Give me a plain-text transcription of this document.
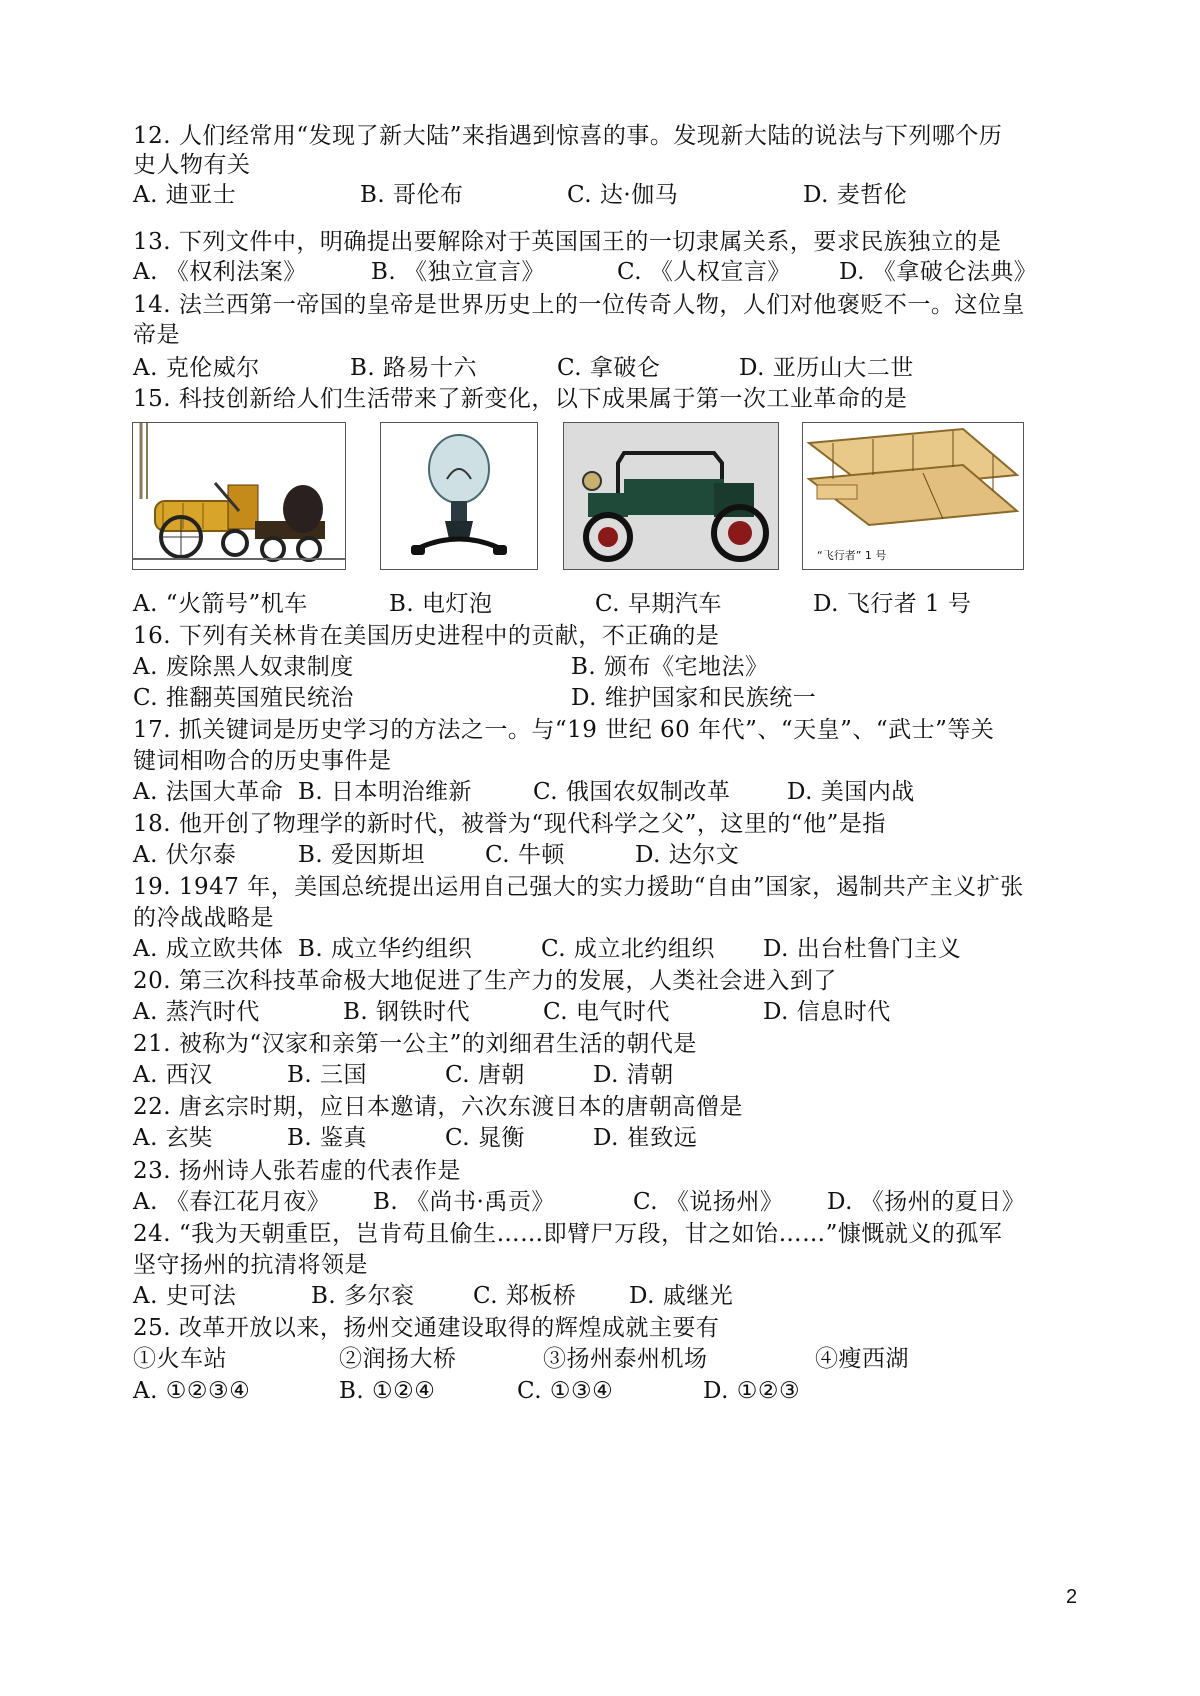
12. 人们经常用“发现了新大陆”来指遇到惊喜的事。发现新大陆的说法与下列哪个历
史人物有关
A. 迪亚士	B. 哥伦布	C. 达·伽马	D. 麦哲伦
13. 下列文件中，明确提出要解除对于英国国王的一切隶属关系，要求民族独立的是
A. 《权利法案》	B. 《独立宣言》	C. 《人权宣言》 D. 《拿破仑法典》
14. 法兰西第一帝国的皇帝是世界历史上的一位传奇人物，人们对他褒贬不一。这位皇
帝是
A. 克伦威尔	B. 路易十六	C. 拿破仑	D. 亚历山大二世
15. 科技创新给人们生活带来了新变化，以下成果属于第一次工业革命的是
“飞行者” 1 号
A. “火箭号”机车	B. 电灯泡	C. 早期汽车	D. 飞行者 1 号
16. 下列有关林肯在美国历史进程中的贡献，不正确的是
A. 废除黑人奴隶制度	B. 颁布《宅地法》
C. 推翻英国殖民统治	D. 维护国家和民族统一
17. 抓关键词是历史学习的方法之一。与“19 世纪 60 年代”、“天皇”、“武士”等关
键词相吻合的历史事件是
A. 法国大革命 B. 日本明治维新	C. 俄国农奴制改革 D. 美国内战
18. 他开创了物理学的新时代，被誉为“现代科学之父”，这里的“他”是指
A. 伏尔泰	B. 爱因斯坦	C. 牛顿	D. 达尔文
19. 1947 年，美国总统提出运用自己强大的实力援助“自由”国家，遏制共产主义扩张
的冷战战略是
A. 成立欧共体 B. 成立华约组织	C. 成立北约组织 D. 出台杜鲁门主义
20. 第三次科技革命极大地促进了生产力的发展，人类社会进入到了
A. 蒸汽时代	B. 钢铁时代	C. 电气时代	D. 信息时代
21. 被称为“汉家和亲第一公主”的刘细君生活的朝代是
A. 西汉	B. 三国	C. 唐朝	D. 清朝
22. 唐玄宗时期，应日本邀请，六次东渡日本的唐朝高僧是
A. 玄奘	B. 鉴真	C. 晁衡	D. 崔致远
23. 扬州诗人张若虚的代表作是
A. 《春江花月夜》 B. 《尚书·禹贡》	C. 《说扬州》 D. 《扬州的夏日》
24. “我为天朝重臣，岂肯苟且偷生……即臂尸万段，甘之如饴……”慷慨就义的孤军
坚守扬州的抗清将领是
A. 史可法	B. 多尔衮	C. 郑板桥 D. 戚继光
25. 改革开放以来，扬州交通建设取得的辉煌成就主要有
①火车站	②润扬大桥	③扬州泰州机场	④瘦西湖
A. ①②③④	B. ①②④	C. ①③④	D. ①②③
2
